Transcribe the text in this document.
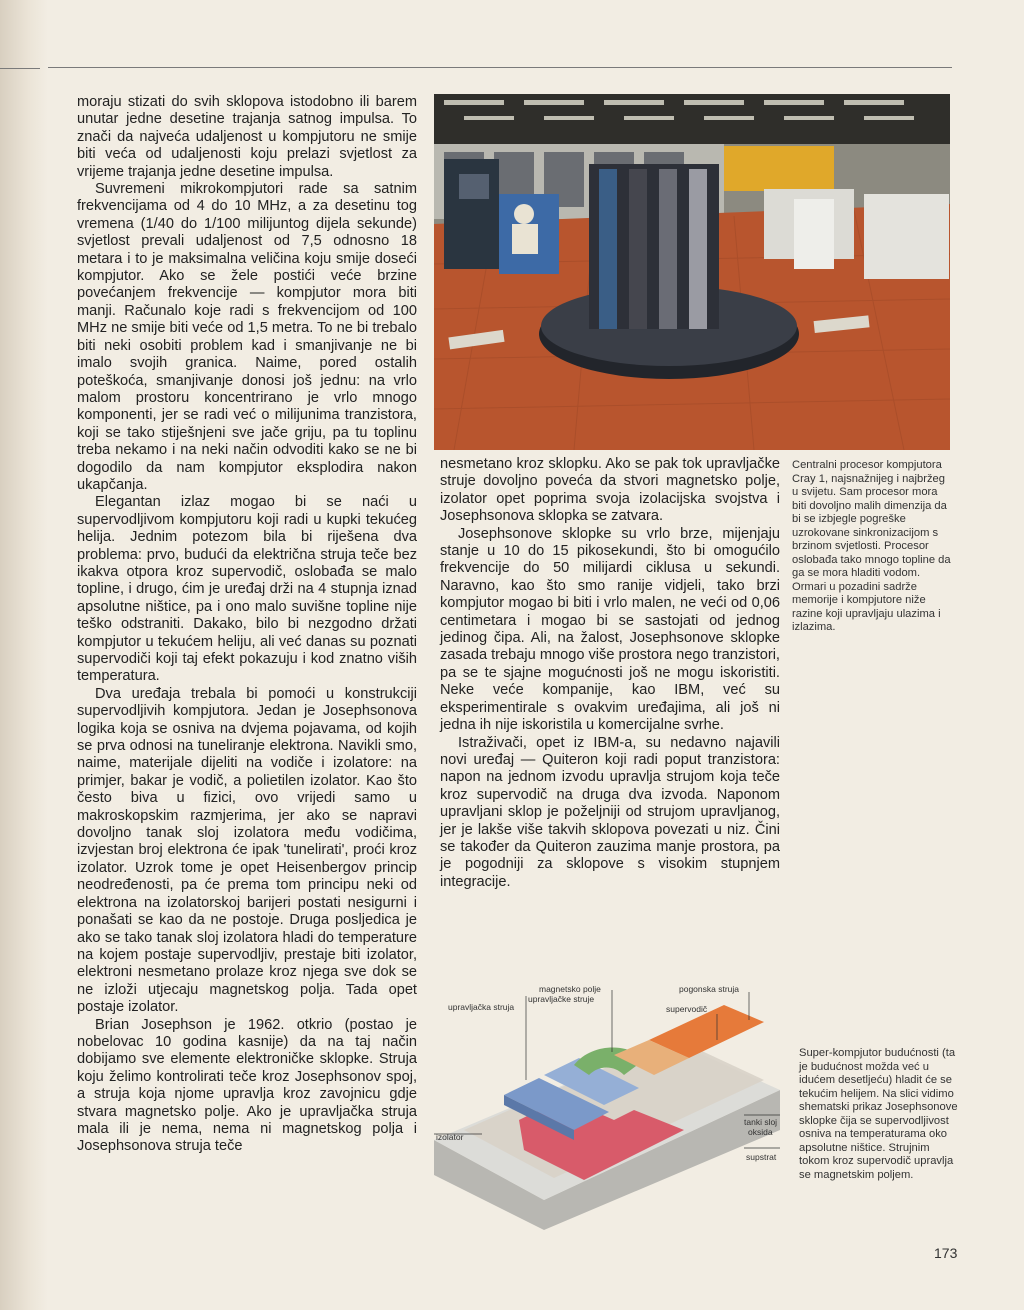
moraju stizati do svih sklopova istodobno ili barem unutar jedne desetine trajanja satnog impulsa. To znači da najveća udaljenost u kompjutoru ne smije biti veća od udaljenosti koju prelazi svjetlost za vrijeme trajanja jedne desetine impulsa.

Suvremeni mikrokompjutori rade sa satnim frekvencijama od 4 do 10 MHz, a za desetinu tog vremena (1/40 do 1/100 milijuntog dijela sekunde) svjetlost prevali udaljenost od 7,5 odnosno 18 metara i to je maksimalna veličina koju smije doseći kompjutor. Ako se žele postići veće brzine povećanjem frekvencije — kompjutor mora biti manji. Računalo koje radi s frekvencijom od 100 MHz ne smije biti veće od 1,5 metra. To ne bi trebalo biti neki osobiti problem kad i smanjivanje ne bi imalo svojih granica. Naime, pored ostalih poteškoća, smanjivanje donosi još jednu: na vrlo malom prostoru koncentrirano je vrlo mnogo komponenti, jer se radi već o milijunima tranzistora, koji se tako stiješnjeni sve jače griju, pa tu toplinu treba nekamo i na neki način odvoditi kako se ne bi dogodilo da nam kompjutor eksplodira nakon ukapčanja.

Elegantan izlaz mogao bi se naći u supervodljivom kompjutoru koji radi u kupki tekućeg helija. Jednim potezom bila bi riješena dva problema: prvo, budući da električna struja teče bez ikakva otpora kroz supervodič, oslobađa se malo topline, i drugo, ćim je uređaj drži na 4 stupnja iznad apsolutne ništice, pa i ono malo suvišne topline nije teško odstraniti. Dakako, bilo bi nezgodno držati kompjutor u tekućem heliju, ali već danas su poznati supervodiči koji taj efekt pokazuju i kod znatno viših temperatura.

Dva uređaja trebala bi pomoći u konstrukciji supervodljivih kompjutora. Jedan je Josephsonova logika koja se osniva na dvjema pojavama, od kojih se prva odnosi na tuneliranje elektrona. Navikli smo, naime, materijale dijeliti na vodiče i izolatore: na primjer, bakar je vodič, a polietilen izolator. Kao što često biva u fizici, ovo vrijedi samo u makroskopskim razmjerima, jer ako se napravi dovoljno tanak sloj izolatora među vodičima, izvjestan broj elektrona će ipak 'tunelirati', proći kroz izolator. Uzrok tome je opet Heisenbergov princip neodređenosti, pa će prema tom principu neki od elektrona na izolatorskoj barijeri postati nesigurni i ponašati se kao da ne postoje. Druga posljedica je ako se tako tanak sloj izolatora hladi do temperature na kojem postaje supervodljiv, prestaje biti izolator, elektroni nesmetano prolaze kroz njega sve dok se ne izloži utjecaju magnetskog polja. Tada opet postaje izolator.

Brian Josephson je 1962. otkrio (postao je nobelovac 10 godina kasnije) da na taj način dobijamo sve elemente elektroničke sklopke. Struja koju želimo kontrolirati teče kroz Josephsonov spoj, a struja koja njome upravlja kroz zavojnicu gdje stvara magnetsko polje. Ako je upravljačka struja mala ili je nema, nema ni magnetskog polja i Josephsonova struja teče

nesmetano kroz sklopku. Ako se pak tok upravljačke struje dovoljno poveća da stvori magnetsko polje, izolator opet poprima svoja izolacijska svojstva i Josephsonova sklopka se zatvara.

Josephsonove sklopke su vrlo brze, mijenjaju stanje u 10 do 15 pikosekundi, što bi omogućilo frekvencije do 50 milijardi ciklusa u sekundi. Naravno, kao što smo ranije vidjeli, tako brzi kompjutor mogao bi biti i vrlo malen, ne veći od 0,06 centimetara i mogao bi se sastojati od jednog jedinog čipa. Ali, na žalost, Josephsonove sklopke zasada trebaju mnogo više prostora nego tranzistori, pa se te sjajne mogućnosti još ne mogu iskoristiti. Neke veće kompanije, kao IBM, već su eksperimentirale s ovakvim uređajima, ali još ni jedna ih nije iskoristila u komercijalne svrhe.

Istraživači, opet iz IBM-a, su nedavno najavili novi uređaj — Quiteron koji radi poput tranzistora: napon na jednom izvodu upravlja strujom koja teče kroz supervodič na druga dva izvoda. Naponom upravljani sklop je poželjniji od strujom upravljanog, jer je lakše više takvih sklopova povezati u niz. Čini se također da Quiteron zauzima manje prostora, pa je pogodniji za sklopove s visokim stupnjem integracije.

Centralni procesor kompjutora Cray 1, najsnažnijeg i najbržeg u svijetu. Sam procesor mora biti dovoljno malih dimenzija da bi se izbjegle pogreške uzrokovane sinkronizacijom s brzinom svjetlosti. Procesor oslobađa tako mnogo topline da ga se mora hladiti vodom. Ormari u pozadini sadrže memorije i kompjutore niže razine koji upravljaju ulazima i izlazima.
upravljačka struja
magnetsko polje
upravljačke struje
pogonska struja
supervodič
tanki sloj
oksida
izolator
supstrat
Super-kompjutor budućnosti (ta je budućnost možda već u idućem desetljeću) hladit će se tekućim helijem. Na slici vidimo shematski prikaz Josephsonove sklopke čija se supervodljivost osniva na temperaturama oko apsolutne ništice. Strujnim tokom kroz supervodič upravlja se magnetskim poljem.
173
